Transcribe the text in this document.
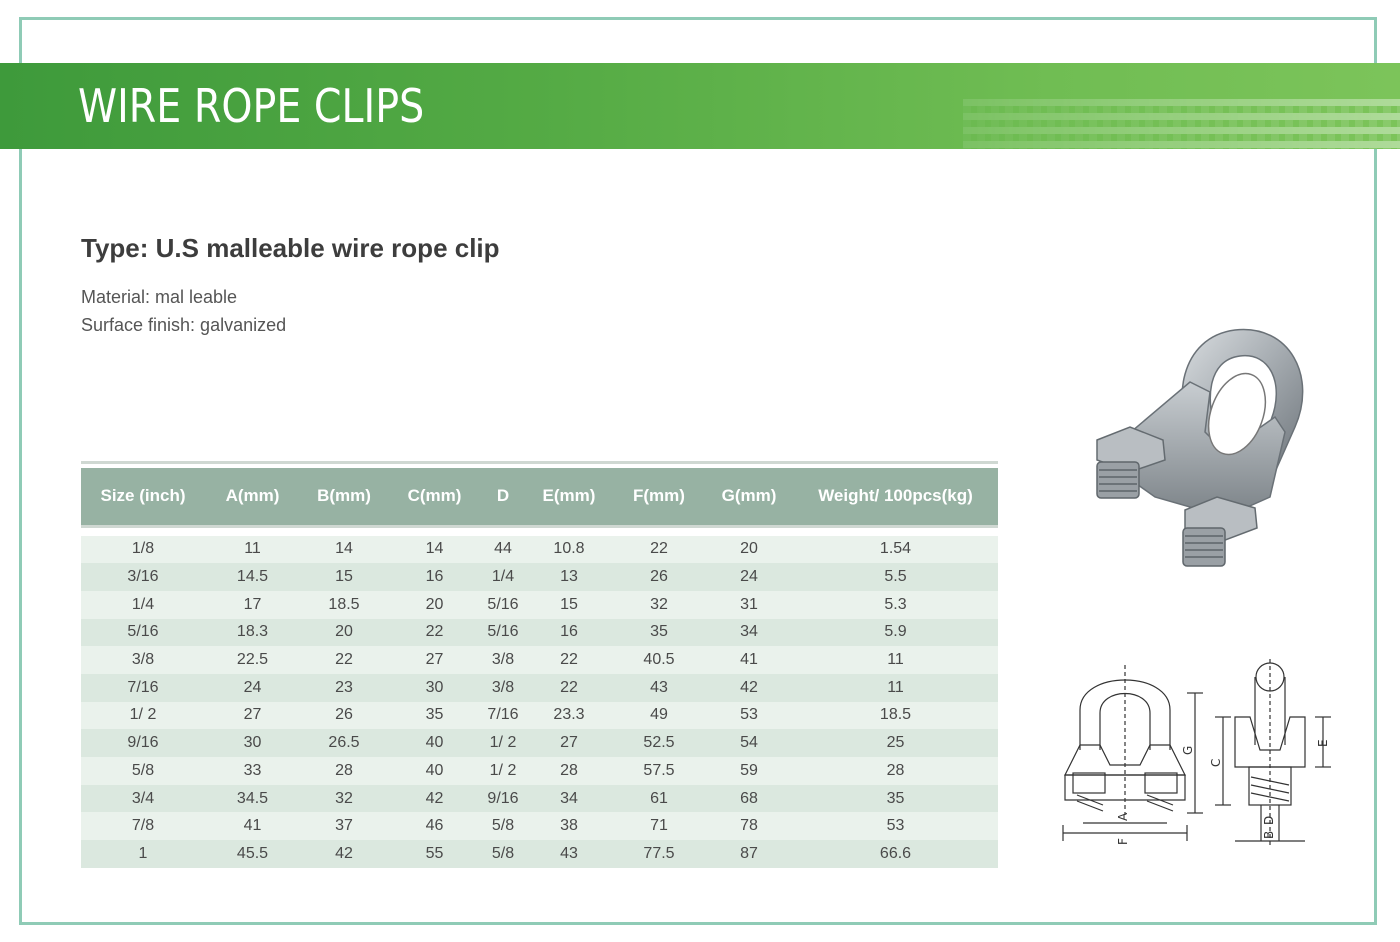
WIRE ROPE CLIPS
Type: U.S malleable wire rope clip
Material: mal leable
Surface finish: galvanized
Size (inch)	A(mm)	B(mm)	C(mm)	D	E(mm)	F(mm)	G(mm)	Weight/ 100pcs(kg)

1/8	11	14	14	44	10.8	22	20	1.54
3/16	14.5	15	16	1/4	13	26	24	5.5
1/4	17	18.5	20	5/16	15	32	31	5.3
5/16	18.3	20	22	5/16	16	35	34	5.9
3/8	22.5	22	27	3/8	22	40.5	41	11
7/16	24	23	30	3/8	22	43	42	11
1/ 2	27	26	35	7/16	23.3	49	53	18.5
9/16	30	26.5	40	1/ 2	27	52.5	54	25
5/8	33	28	40	1/ 2	28	57.5	59	28
3/4	34.5	32	42	9/16	34	61	68	35
7/8	41	37	46	5/8	38	71	78	53
1	45.5	42	55	5/8	43	77.5	87	66.6
F
A
G
C
E
B
D
